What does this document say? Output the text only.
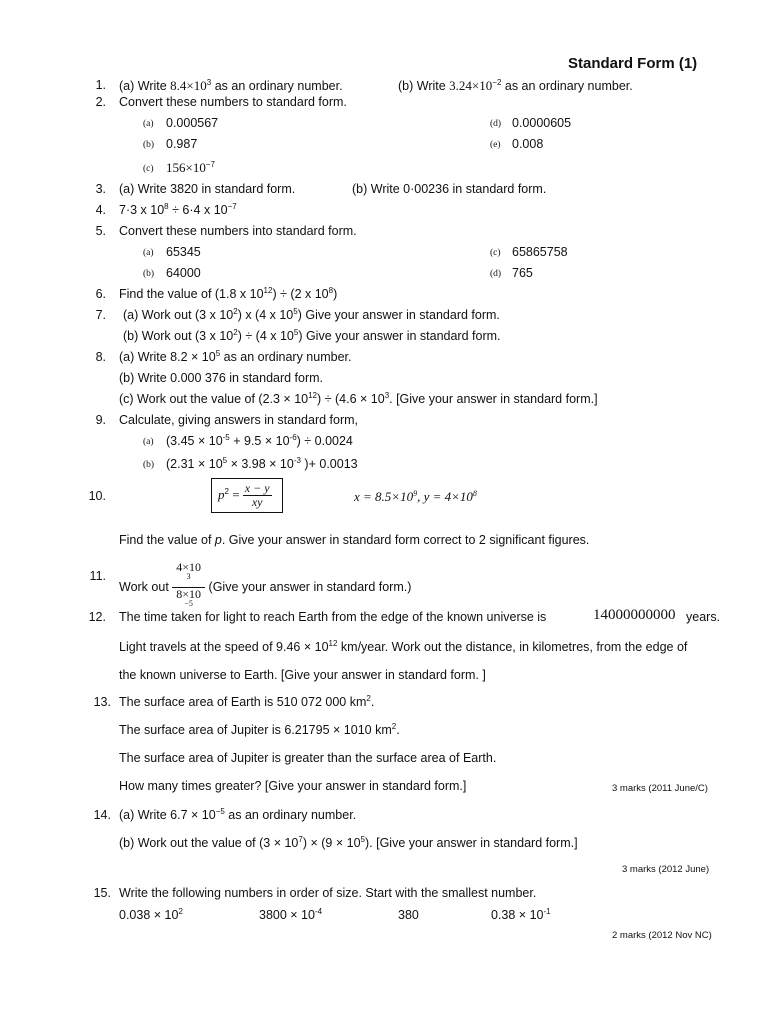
Standard Form (1)
1. (a) Write $8.4\times 10^3$ as an ordinary number.	(b) Write $3.24\times 10^{-2}$ as an ordinary number.
2. Convert these numbers to standard form.
(a) 0.000567	(d) 0.0000605
(b) 0.987	(e) 0.008
(c) $156\times 10^{-7}$
3. (a) Write 3820 in standard form.	(b) Write 0·00236 in standard form.
4. 7·3 x $10^8 \div 6\cdot 4$ x $10^{-7}$
5. Convert these numbers into standard form.
(a) 65345	(c) 65865758
(b) 64000	(d) 765
6. Find the value of (1.8 x $10^{12}) \div (2$ x $10^8$)
7. (a) Work out (3 x $10^2$) x (4 x $10^5$) Give your answer in standard form.
(b) Work out (3 x $10^2) \div (4$ x $10^5$) Give your answer in standard form.
8. (a) Write $8.2 \times 10^5$ as an ordinary number.
(b) Write 0.000 376 in standard form.
(c) Work out the value of $(2.3 \times 10^{12}) \div (4.6 \times 10^3$. [Give your answer in standard form.]
9. Calculate, giving answers in standard form,
(a) $(3.45 \times 10^{-5} + 9.5 \times 10^{-6}) \div 0.0024$
(b) ($2.31 \times 10^5 \times 3.98 \times 10^{-3}$ )+ 0.0013
10.	$p^2 = \frac{x - y}{xy}$	$x = 8.5\times 10^9$, $y = 4\times 10^8$
Find the value of p. Give your answer in standard form correct to 2 significant figures.
11.
Work out 4×10
$^3$
8×10
$^{-5}$ (Give your answer in standard form.)
12. The time taken for light to reach Earth from the edge of the known universe is	14000000000 years.
Light travels at the speed of $9.46 \times 10^{12}$ km/year. Work out the distance, in kilometres, from the edge of
the known universe to Earth. [Give your answer in standard form. ]
13. The surface area of Earth is 510 072 000 $km^2$.
The surface area of Jupiter is 6.21795 × 1010 $km^2$.
The surface area of Jupiter is greater than the surface area of Earth.
How many times greater? [Give your answer in standard form.]	3 marks (2011 June/C)
14. (a) Write $6.7 \times 10^{-5}$ as an ordinary number.
(b) Work out the value of $(3 \times 10^7) \times (9 \times 10^5)$. [Give your answer in standard form.]
3 marks (2012 June)
15. Write the following numbers in order of size. Start with the smallest number.
$0.038 \times 10^2$	$3800 \times 10^{-4}$	380	$0.38 \times 10^{-1}$
2 marks (2012 Nov NC)
